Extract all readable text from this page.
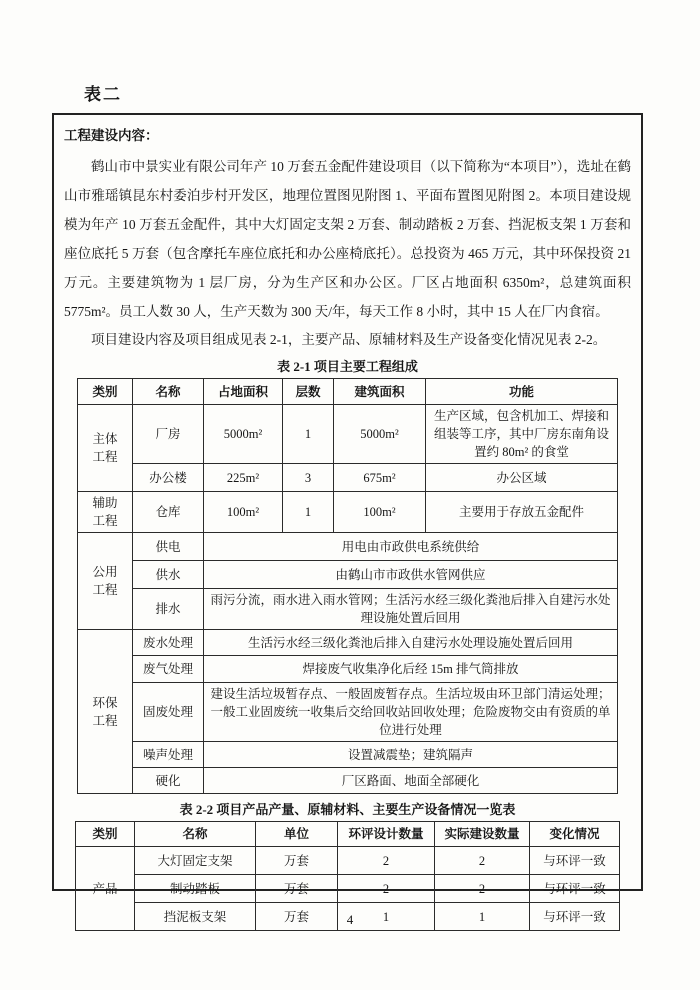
表二
工程建设内容：

鹤山市中景实业有限公司年产 10 万套五金配件建设项目（以下简称为“本项目”），选址在鹤山市雅瑶镇昆东村委泊步村开发区，地理位置图见附图 1、平面布置图见附图 2。本项目建设规模为年产 10 万套五金配件，其中大灯固定支架 2 万套、制动踏板 2 万套、挡泥板支架 1 万套和座位底托 5 万套（包含摩托车座位底托和办公座椅底托）。总投资为 465 万元，其中环保投资 21 万元。主要建筑物为 1 层厂房，分为生产区和办公区。厂区占地面积 6350m²，总建筑面积 5775m²。员工人数 30 人，生产天数为 300 天/年，每天工作 8 小时，其中 15 人在厂内食宿。

项目建设内容及项目组成见表 2-1，主要产品、原辅材料及生产设备变化情况见表 2-2。

表 2-1 项目主要工程组成
类别	名称	占地面积	层数	建筑面积	功能
主体工程	厂房	5000m²	1	5000m²	生产区域，包含机加工、焊接和组装等工序，其中厂房东南角设置约 80m² 的食堂
	办公楼	225m²	3	675m²	办公区域
辅助工程	仓库	100m²	1	100m²	主要用于存放五金配件
公用工程	供电	用电由市政供电系统供给			
	供水	由鹤山市市政供水管网供应			
	排水	雨污分流，雨水进入雨水管网；生活污水经三级化粪池后排入自建污水处理设施处置后回用			
环保工程	废水处理	生活污水经三级化粪池后排入自建污水处理设施处置后回用			
	废气处理	焊接废气收集净化后经 15m 排气筒排放			
	固废处理	建设生活垃圾暂存点、一般固废暂存点。生活垃圾由环卫部门清运处理；一般工业固废统一收集后交给回收站回收处理；危险废物交由有资质的单位进行处理			
	噪声处理	设置减震垫；建筑隔声			
	硬化	厂区路面、地面全部硬化			
表 2-2 项目产品产量、原辅材料、主要生产设备情况一览表
类别	名称	单位	环评设计数量	实际建设数量	变化情况
产品	大灯固定支架	万套	2	2	与环评一致
	制动踏板	万套	2	2	与环评一致
	挡泥板支架	万套	1	1	与环评一致
4
